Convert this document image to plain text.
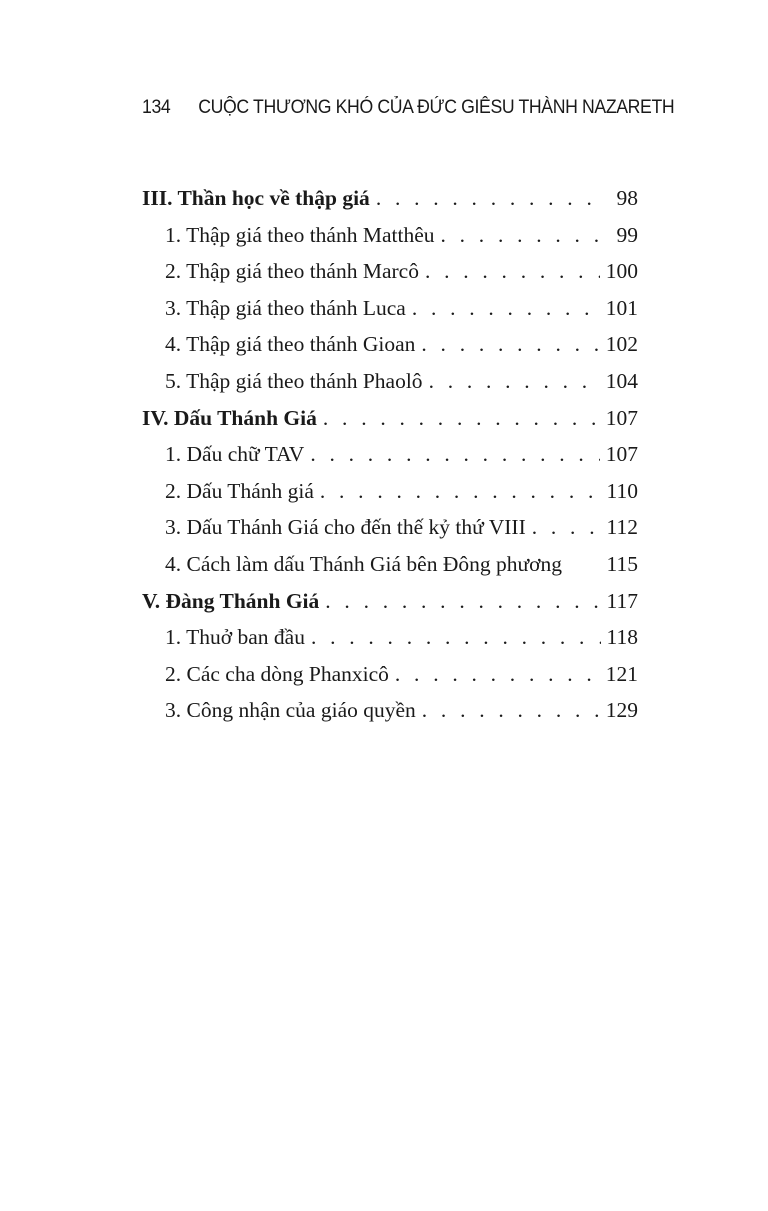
134 CUỘC THƯƠNG KHÓ CỦA ĐỨC GIÊSU THÀNH NAZARETH
III. Thần học về thập giá . . .	98
1. Thập giá theo thánh Matthêu . . .	99
2. Thập giá theo thánh Marcô . . .	100
3. Thập giá theo thánh Luca . . .	101
4. Thập giá theo thánh Gioan . . .	102
5. Thập giá theo thánh Phaolô . . .	104
IV. Dấu Thánh Giá . . .	107
1. Dấu chữ TAV . . .	107
2. Dấu Thánh giá . . .	110
3. Dấu Thánh Giá cho đến thế kỷ thứ VIII . . .	112
4. Cách làm dấu Thánh Giá bên Đông phương 115
V. Đàng Thánh Giá . . .	117
1. Thuở ban đầu . . .	118
2. Các cha dòng Phanxicô . . .	121
3. Công nhận của giáo quyền . . .	129
